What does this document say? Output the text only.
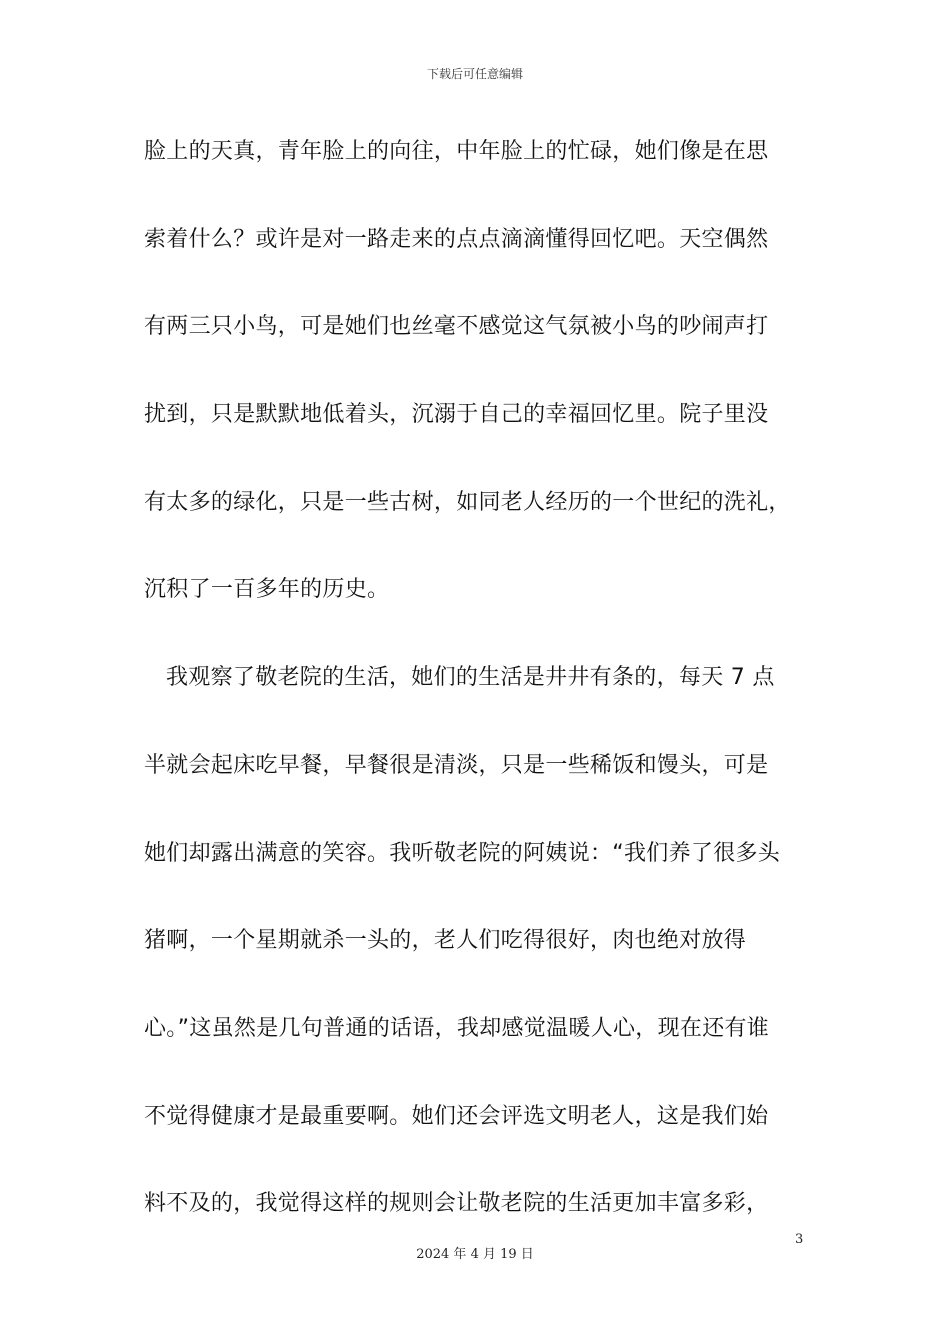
下载后可任意编辑
脸上的天真，青年脸上的向往，中年脸上的忙碌，她们像是在思
索着什么？或许是对一路走来的点点滴滴懂得回忆吧。天空偶然
有两三只小鸟，可是她们也丝毫不感觉这气氛被小鸟的吵闹声打
扰到，只是默默地低着头，沉溺于自己的幸福回忆里。院子里没
有太多的绿化，只是一些古树，如同老人经历的一个世纪的洗礼，
沉积了一百多年的历史。
我观察了敬老院的生活，她们的生活是井井有条的，每天 7 点
半就会起床吃早餐，早餐很是清淡，只是一些稀饭和馒头，可是
她们却露出满意的笑容。我听敬老院的阿姨说：“我们养了很多头
猪啊，一个星期就杀一头的，老人们吃得很好，肉也绝对放得
心。”这虽然是几句普通的话语，我却感觉温暖人心，现在还有谁
不觉得健康才是最重要啊。她们还会评选文明老人，这是我们始
料不及的，我觉得这样的规则会让敬老院的生活更加丰富多彩，
3
2024 年 4 月 19 日
